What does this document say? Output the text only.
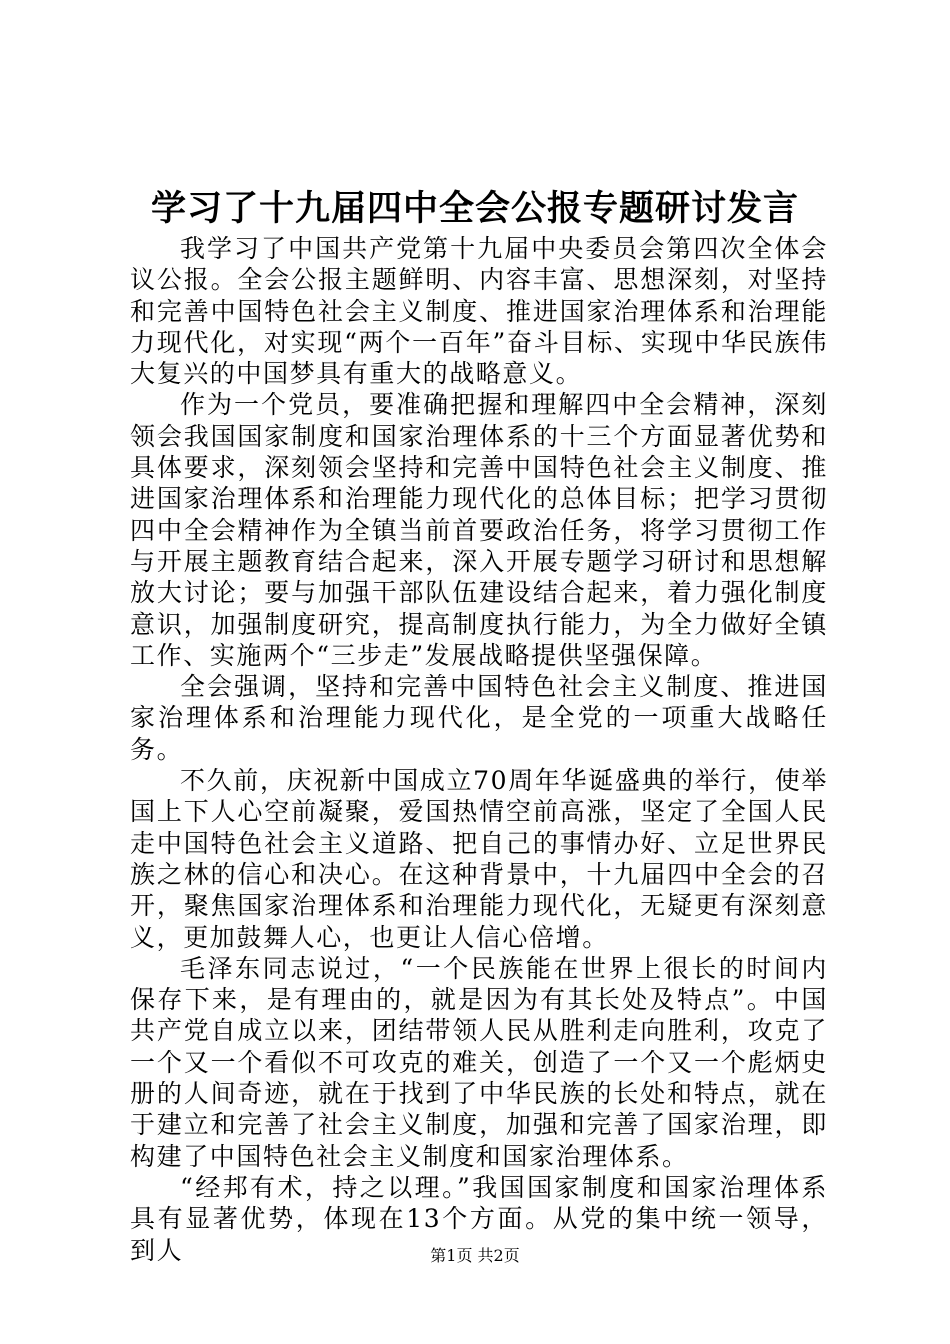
学习了十九届四中全会公报专题研讨发言

我学习了中国共产党第十九届中央委员会第四次全体会议公报。全会公报主题鲜明、内容丰富、思想深刻，对坚持和完善中国特色社会主义制度、推进国家治理体系和治理能力现代化，对实现“两个一百年”奋斗目标、实现中华民族伟大复兴的中国梦具有重大的战略意义。

作为一个党员，要准确把握和理解四中全会精神，深刻领会我国国家制度和国家治理体系的十三个方面显著优势和具体要求，深刻领会坚持和完善中国特色社会主义制度、推进国家治理体系和治理能力现代化的总体目标；把学习贯彻四中全会精神作为全镇当前首要政治任务，将学习贯彻工作与开展主题教育结合起来，深入开展专题学习研讨和思想解放大讨论；要与加强干部队伍建设结合起来，着力强化制度意识，加强制度研究，提高制度执行能力，为全力做好全镇工作、实施两个“三步走”发展战略提供坚强保障。

全会强调，坚持和完善中国特色社会主义制度、推进国家治理体系和治理能力现代化，是全党的一项重大战略任务。

不久前，庆祝新中国成立70周年华诞盛典的举行，使举国上下人心空前凝聚，爱国热情空前高涨，坚定了全国人民走中国特色社会主义道路、把自己的事情办好、立足世界民族之林的信心和决心。在这种背景中，十九届四中全会的召开，聚焦国家治理体系和治理能力现代化，无疑更有深刻意义，更加鼓舞人心，也更让人信心倍增。

毛泽东同志说过，“一个民族能在世界上很长的时间内保存下来，是有理由的，就是因为有其长处及特点”。中国共产党自成立以来，团结带领人民从胜利走向胜利，攻克了一个又一个看似不可攻克的难关，创造了一个又一个彪炳史册的人间奇迹，就在于找到了中华民族的长处和特点，就在于建立和完善了社会主义制度，加强和完善了国家治理，即构建了中国特色社会主义制度和国家治理体系。

“经邦有术，持之以理。”我国国家制度和国家治理体系具有显著优势，体现在13个方面。从党的集中统一领导，到人	第1页 共2页
